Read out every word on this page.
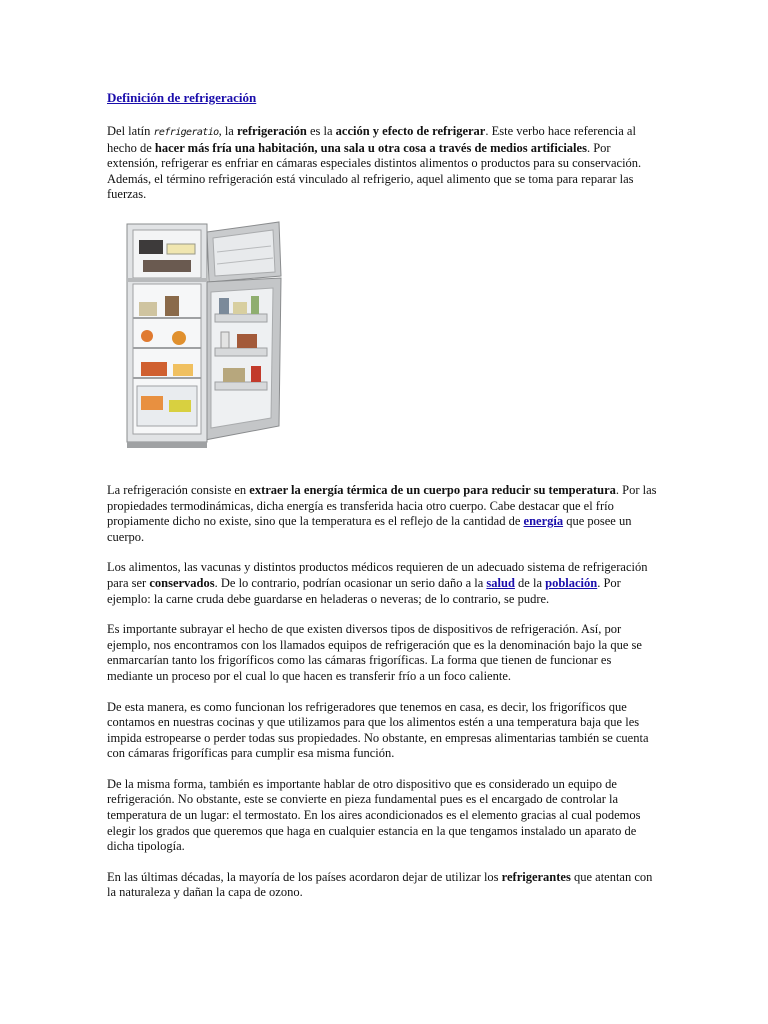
Definición de refrigeración

Del latín refrigeratio, la refrigeración es la acción y efecto de refrigerar. Este verbo hace referencia al hecho de hacer más fría una habitación, una sala u otra cosa a través de medios artificiales. Por extensión, refrigerar es enfriar en cámaras especiales distintos alimentos o productos para su conservación. Además, el término refrigeración está vinculado al refrigerio, aquel alimento que se toma para reparar las fuerzas.

La refrigeración consiste en extraer la energía térmica de un cuerpo para reducir su temperatura. Por las propiedades termodinámicas, dicha energía es transferida hacia otro cuerpo. Cabe destacar que el frío propiamente dicho no existe, sino que la temperatura es el reflejo de la cantidad de energía que posee un cuerpo.

Los alimentos, las vacunas y distintos productos médicos requieren de un adecuado sistema de refrigeración para ser conservados. De lo contrario, podrían ocasionar un serio daño a la salud de la población. Por ejemplo: la carne cruda debe guardarse en heladeras o neveras; de lo contrario, se pudre.

Es importante subrayar el hecho de que existen diversos tipos de dispositivos de refrigeración. Así, por ejemplo, nos encontramos con los llamados equipos de refrigeración que es la denominación bajo la que se enmarcarían tanto los frigoríficos como las cámaras frigoríficas. La forma que tienen de funcionar es mediante un proceso por el cual lo que hacen es transferir frío a un foco caliente.

De esta manera, es como funcionan los refrigeradores que tenemos en casa, es decir, los frigoríficos que contamos en nuestras cocinas y que utilizamos para que los alimentos estén a una temperatura baja que les impida estropearse o perder todas sus propiedades. No obstante, en empresas alimentarias también se cuenta con cámaras frigoríficas para cumplir esa misma función.

De la misma forma, también es importante hablar de otro dispositivo que es considerado un equipo de refrigeración. No obstante, este se convierte en pieza fundamental pues es el encargado de controlar la temperatura de un lugar: el termostato. En los aires acondicionados es el elemento gracias al cual podemos elegir los grados que queremos que haga en cualquier estancia en la que tengamos instalado un aparato de dicha tipología.

En las últimas décadas, la mayoría de los países acordaron dejar de utilizar los refrigerantes que atentan con la naturaleza y dañan la capa de ozono.
